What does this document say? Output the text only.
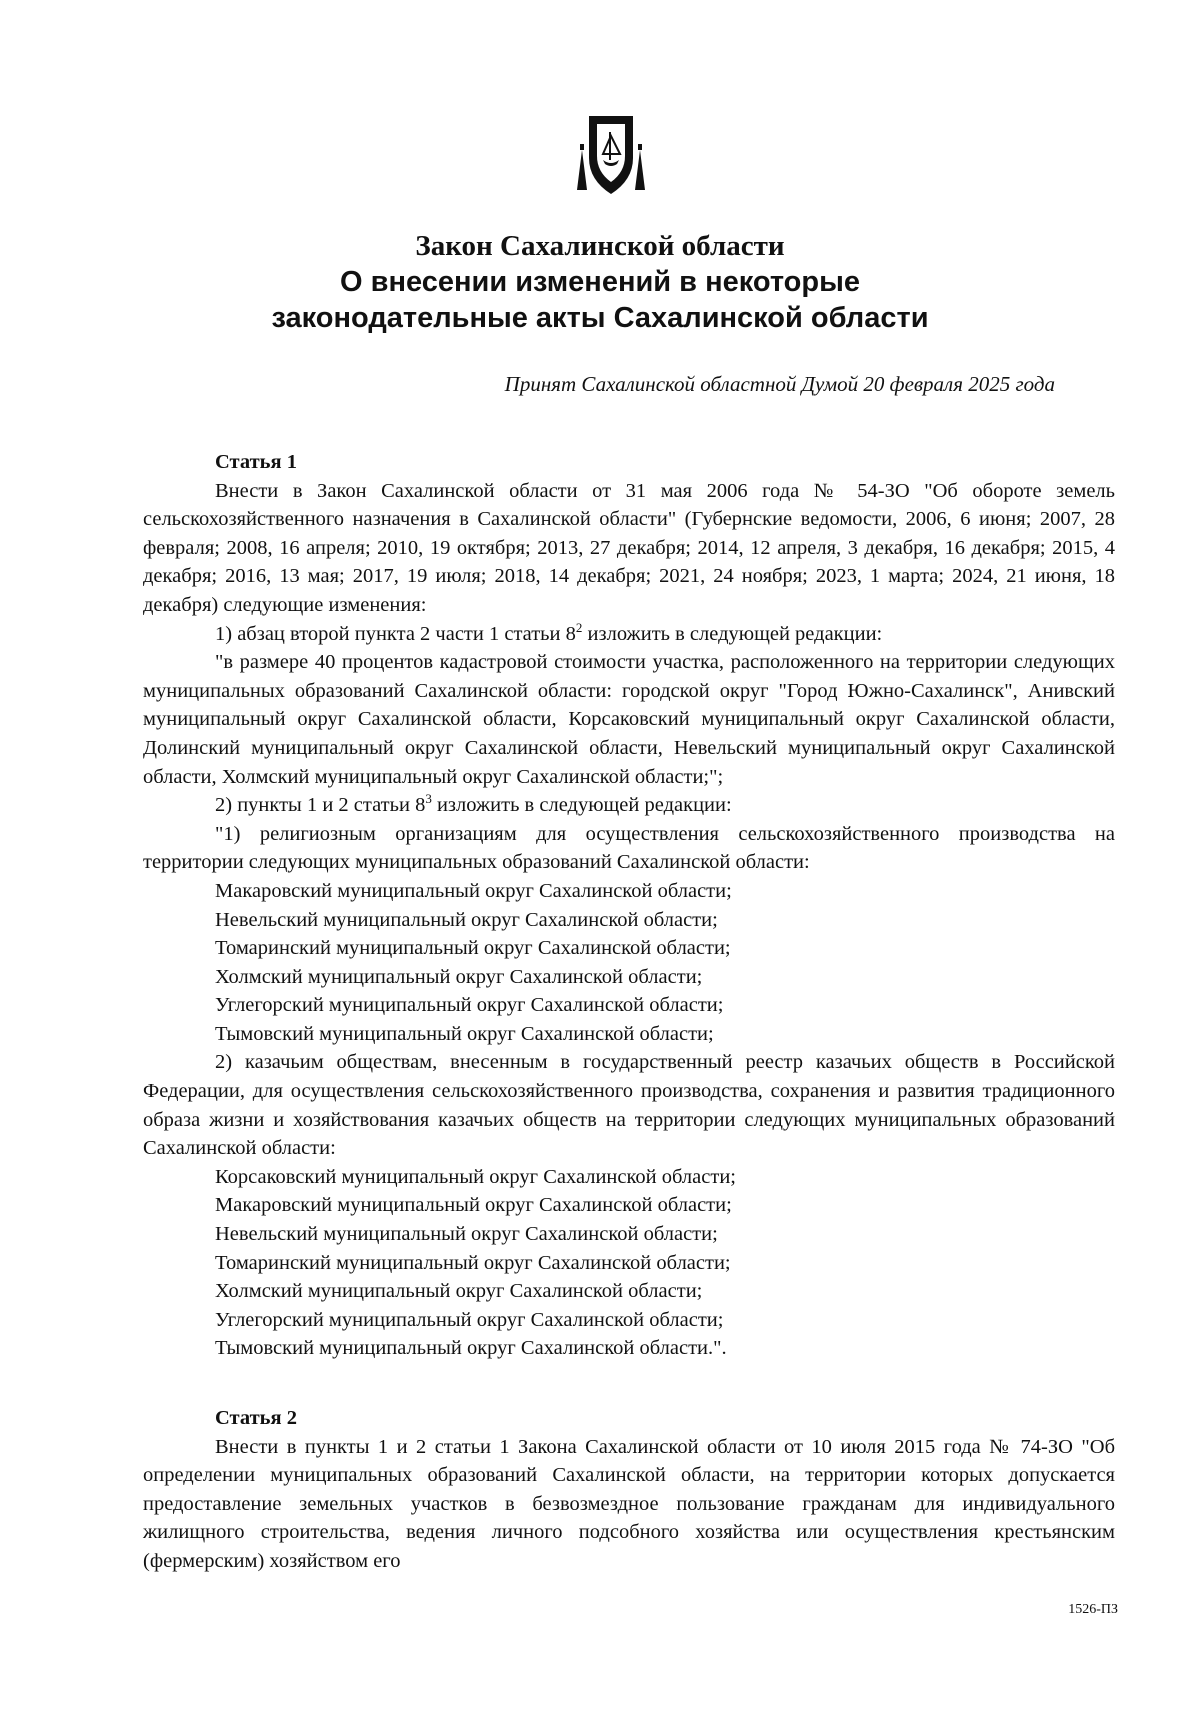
Закон Сахалинской области

О внесении изменений в некоторые

законодательные акты Сахалинской области

Принят Сахалинской областной Думой 20 февраля 2025 года

Статья 1

Внести в Закон Сахалинской области от 31 мая 2006 года № 54-ЗО "Об обороте земель сельскохозяйственного назначения в Сахалинской области" (Губернские ведомости, 2006, 6 июня; 2007, 28 февраля; 2008, 16 апреля; 2010, 19 октября; 2013, 27 декабря; 2014, 12 апреля, 3 декабря, 16 декабря; 2015, 4 декабря; 2016, 13 мая; 2017, 19 июля; 2018, 14 декабря; 2021, 24 ноября; 2023, 1 марта; 2024, 21 июня, 18 декабря) следующие изменения:

1) абзац второй пункта 2 части 1 статьи $8^2$ изложить в следующей редакции:

"в размере 40 процентов кадастровой стоимости участка, расположенного на территории следующих муниципальных образований Сахалинской области: городской округ "Город Южно-Сахалинск", Анивский муниципальный округ Сахалинской области, Корсаковский муниципальный округ Сахалинской области, Долинский муниципальный округ Сахалинской области, Невельский муниципальный округ Сахалинской области, Холмский муниципальный округ Сахалинской области;";

2) пункты 1 и 2 статьи $8^3$ изложить в следующей редакции:

"1) религиозным организациям для осуществления сельскохозяйственного производства на территории следующих муниципальных образований Сахалинской области:

Макаровский муниципальный округ Сахалинской области;

Невельский муниципальный округ Сахалинской области;

Томаринский муниципальный округ Сахалинской области;

Холмский муниципальный округ Сахалинской области;

Углегорский муниципальный округ Сахалинской области;

Тымовский муниципальный округ Сахалинской области;

2) казачьим обществам, внесенным в государственный реестр казачьих обществ в Российской Федерации, для осуществления сельскохозяйственного производства, сохранения и развития традиционного образа жизни и хозяйствования казачьих обществ на территории следующих муниципальных образований Сахалинской области:

Корсаковский муниципальный округ Сахалинской области;

Макаровский муниципальный округ Сахалинской области;

Невельский муниципальный округ Сахалинской области;

Томаринский муниципальный округ Сахалинской области;

Холмский муниципальный округ Сахалинской области;

Углегорский муниципальный округ Сахалинской области;

Тымовский муниципальный округ Сахалинской области.".

Статья 2

Внести в пункты 1 и 2 статьи 1 Закона Сахалинской области от 10 июля 2015 года № 74-ЗО "Об определении муниципальных образований Сахалинской области, на территории которых допускается предоставление земельных участков в безвозмездное пользование гражданам для индивидуального жилищного строительства, ведения личного подсобного хозяйства или осуществления крестьянским (фермерским) хозяйством его

1526-ПЗ
